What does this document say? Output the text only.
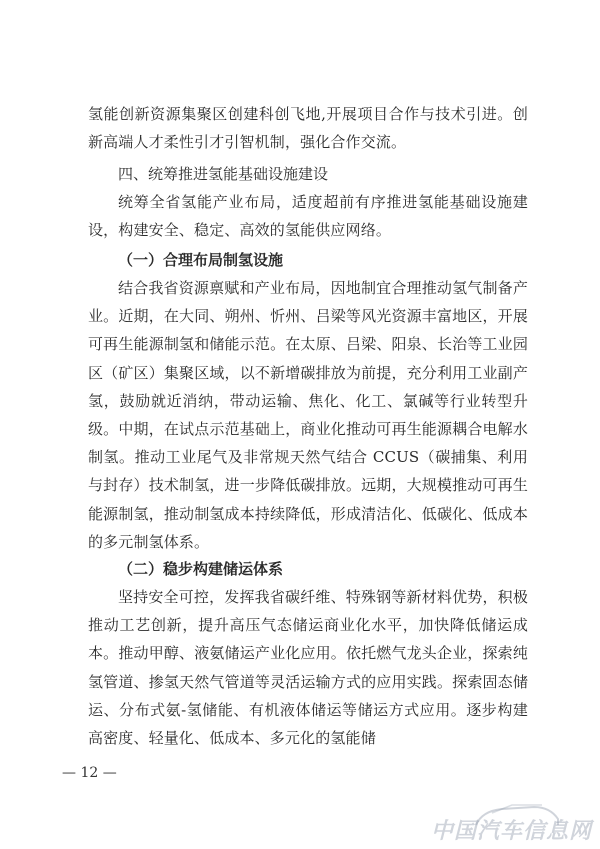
氢能创新资源集聚区创建科创飞地,开展项目合作与技术引进。创新高端人才柔性引才引智机制，强化合作交流。

四、统筹推进氢能基础设施建设

统筹全省氢能产业布局，适度超前有序推进氢能基础设施建设，构建安全、稳定、高效的氢能供应网络。

（一）合理布局制氢设施

结合我省资源禀赋和产业布局，因地制宜合理推动氢气制备产业。近期，在大同、朔州、忻州、吕梁等风光资源丰富地区，开展可再生能源制氢和储能示范。在太原、吕梁、阳泉、长治等工业园区（矿区）集聚区域，以不新增碳排放为前提，充分利用工业副产氢，鼓励就近消纳，带动运输、焦化、化工、氯碱等行业转型升级。中期，在试点示范基础上，商业化推动可再生能源耦合电解水制氢。推动工业尾气及非常规天然气结合 CCUS（碳捕集、利用与封存）技术制氢，进一步降低碳排放。远期，大规模推动可再生能源制氢，推动制氢成本持续降低，形成清洁化、低碳化、低成本的多元制氢体系。

（二）稳步构建储运体系

坚持安全可控，发挥我省碳纤维、特殊钢等新材料优势，积极推动工艺创新，提升高压气态储运商业化水平，加快降低储运成本。推动甲醇、液氨储运产业化应用。依托燃气龙头企业，探索纯氢管道、掺氢天然气管道等灵活运输方式的应用实践。探索固态储运、分布式氨-氢储能、有机液体储运等储运方式应用。逐步构建高密度、轻量化、低成本、多元化的氢能储

— 12 —

中国汽车信息网
